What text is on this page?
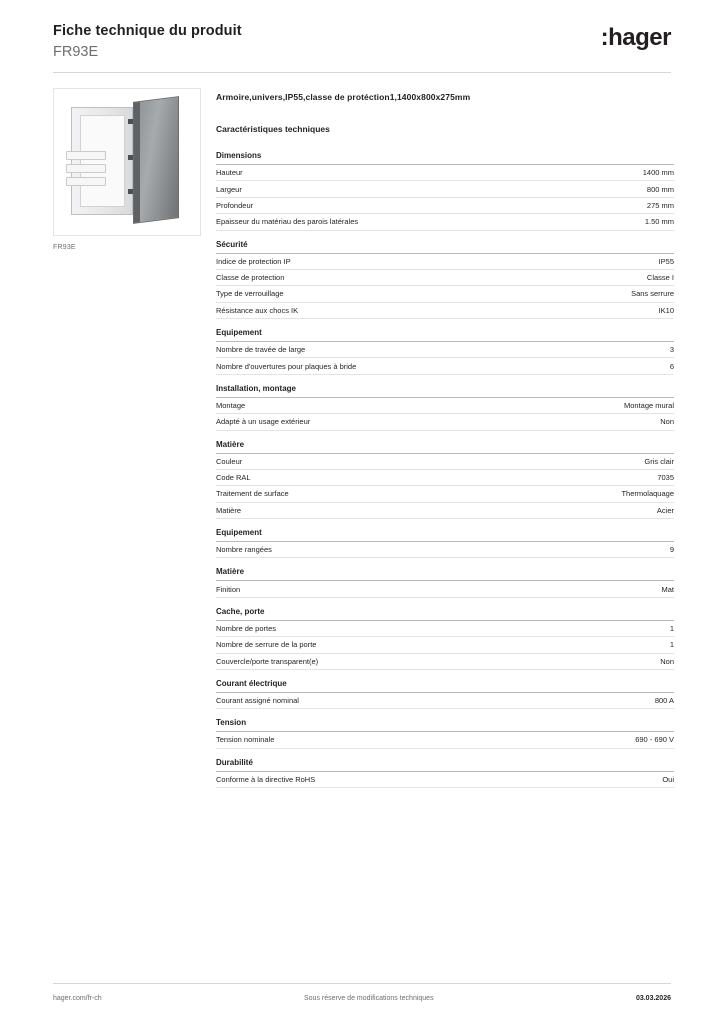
Fiche technique du produit
FR93E
:hager
FR93E
Armoire,univers,IP55,classe de protéction1,1400x800x275mm
Caractéristiques techniques
Dimensions
Hauteur	1400 mm
Largeur	800 mm
Profondeur	275 mm
Epaisseur du matériau des parois latérales	1.50 mm
Sécurité
Indice de protection IP	IP55
Classe de protection	Classe I
Type de verrouillage	Sans serrure
Résistance aux chocs IK	IK10
Equipement
Nombre de travée de large	3
Nombre d'ouvertures pour plaques à bride	6
Installation, montage
Montage	Montage mural
Adapté à un usage extérieur	Non
Matière
Couleur	Gris clair
Code RAL	7035
Traitement de surface	Thermolaquage
Matière	Acier
Equipement
Nombre rangées	9
Matière
Finition	Mat
Cache, porte
Nombre de portes	1
Nombre de serrure de la porte	1
Couvercle/porte transparent(e)	Non
Courant électrique
Courant assigné nominal	800 A
Tension
Tension nominale	690 - 690 V
Durabilité
Conforme à la directive RoHS	Oui
hager.com/fr-ch	Sous réserve de modifications techniques	03.03.2026
